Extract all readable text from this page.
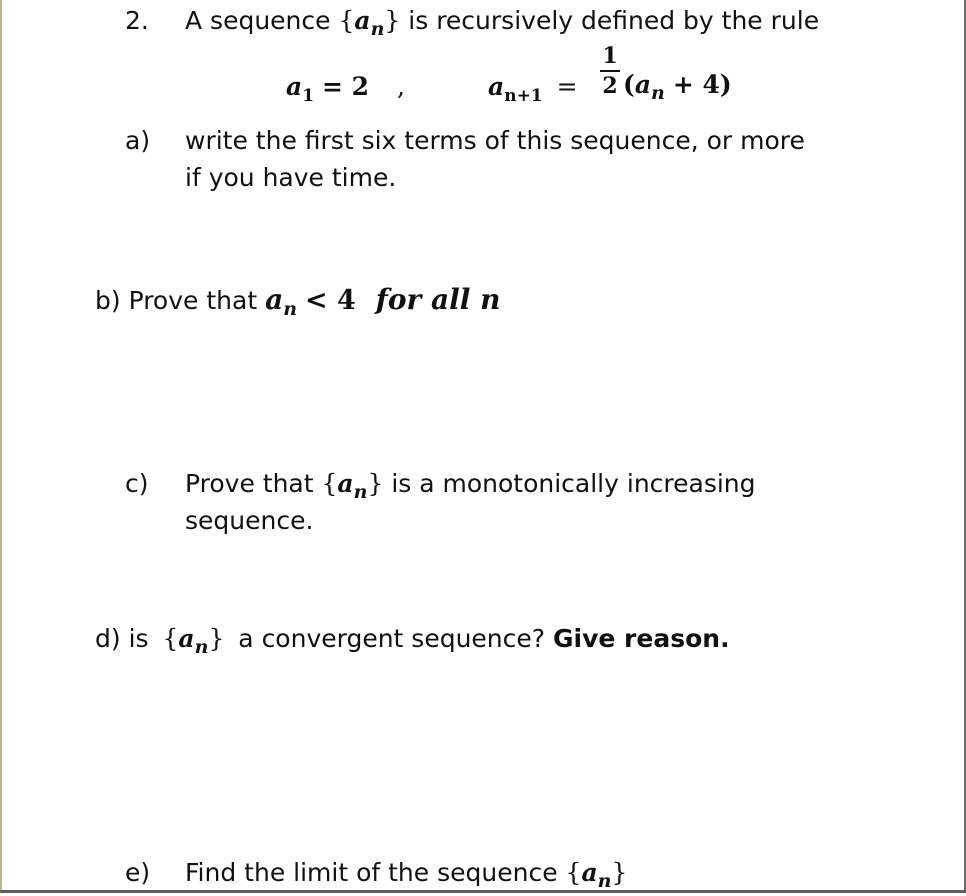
2. A sequence $\{a_n\}$ is recursively defined by the rule
$a_1 = 2$ ,	$a_{n+1}$ =
1
2 $(a_n + 4)$
a) write the first six terms of this sequence, or more
if you have time.
b) Prove that $a_n < 4$ for all n
c) Prove that $\{a_n\}$ is a monotonically increasing
sequence.
d) is $\{a_n\}$ a convergent sequence? Give reason.
e) Find the limit of the sequence $\{a_n\}$
